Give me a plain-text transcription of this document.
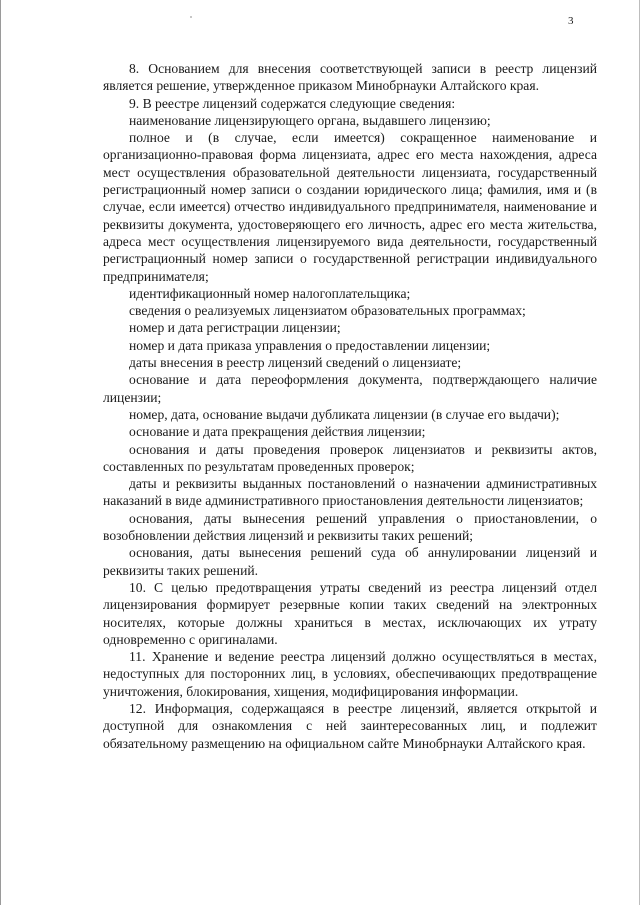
3

8. Основанием для внесения соответствующей записи в реестр лицензий является решение, утвержденное приказом Минобрнауки Алтайского края.

9. В реестре лицензий содержатся следующие сведения:

наименование лицензирующего органа, выдавшего лицензию;

полное и (в случае, если имеется) сокращенное наименование и организационно-правовая форма лицензиата, адрес его места нахождения, адреса мест осуществления образовательной деятельности лицензиата, государственный регистрационный номер записи о создании юридического лица; фамилия, имя и (в случае, если имеется) отчество индивидуального предпринимателя, наименование и реквизиты документа, удостоверяющего его личность, адрес его места жительства, адреса мест осуществления лицензируемого вида деятельности, государственный регистрационный номер записи о государственной регистрации индивидуального предпринимателя;

идентификационный номер налогоплательщика;

сведения о реализуемых лицензиатом образовательных программах;

номер и дата регистрации лицензии;

номер и дата приказа управления о предоставлении лицензии;

даты внесения в реестр лицензий сведений о лицензиате;

основание и дата переоформления документа, подтверждающего наличие лицензии;

номер, дата, основание выдачи дубликата лицензии (в случае его выдачи);

основание и дата прекращения действия лицензии;

основания и даты проведения проверок лицензиатов и реквизиты актов, составленных по результатам проведенных проверок;

даты и реквизиты выданных постановлений о назначении административных наказаний в виде административного приостановления деятельности лицензиатов;

основания, даты вынесения решений управления о приостановлении, о возобновлении действия лицензий и реквизиты таких решений;

основания, даты вынесения решений суда об аннулировании лицензий и реквизиты таких решений.

10. С целью предотвращения утраты сведений из реестра лицензий отдел лицензирования формирует резервные копии таких сведений на электронных носителях, которые должны храниться в местах, исключающих их утрату одновременно с оригиналами.

11. Хранение и ведение реестра лицензий должно осуществляться в местах, недоступных для посторонних лиц, в условиях, обеспечивающих предотвращение уничтожения, блокирования, хищения, модифицирования информации.

12. Информация, содержащаяся в реестре лицензий, является открытой и доступной для ознакомления с ней заинтересованных лиц, и подлежит обязательному размещению на официальном сайте Минобрнауки Алтайского края.
